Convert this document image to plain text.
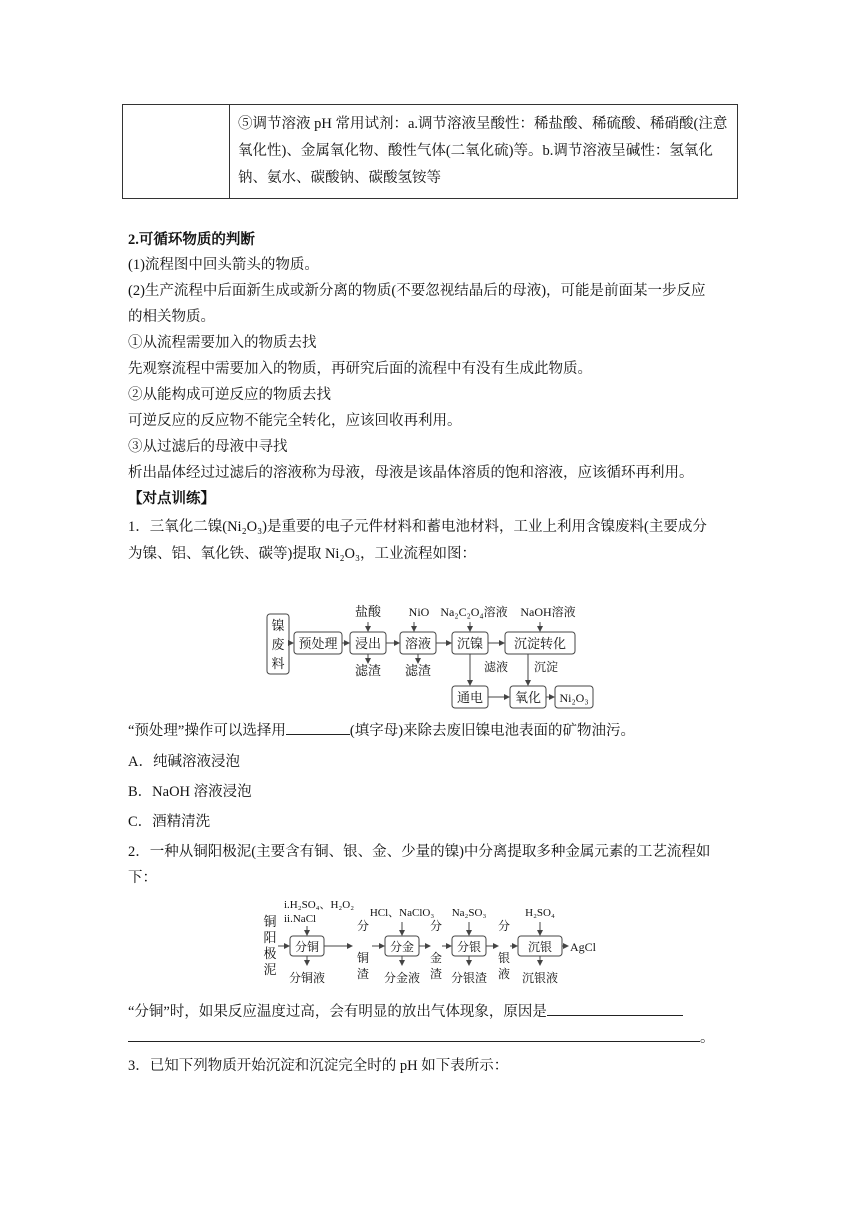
	⑤调节溶液 pH 常用试剂：a.调节溶液呈酸性：稀盐酸、稀硫酸、稀硝酸(注意氧化性)、金属氧化物、酸性气体(二氧化硫)等。b.调节溶液呈碱性：氢氧化钠、氨水、碳酸钠、碳酸氢铵等
2.可循环物质的判断
(1)流程图中回头箭头的物质。
(2)生产流程中后面新生成或新分离的物质(不要忽视结晶后的母液)，可能是前面某一步反应
的相关物质。
①从流程需要加入的物质去找
先观察流程中需要加入的物质，再研究后面的流程中有没有生成此物质。
②从能构成可逆反应的物质去找
可逆反应的反应物不能完全转化，应该回收再利用。
③从过滤后的母液中寻找
析出晶体经过过滤后的溶液称为母液，母液是该晶体溶质的饱和溶液，应该循环再利用。
【对点训练】
1．三氧化二镍(Ni₂O₃)是重要的电子元件材料和蓄电池材料，工业上利用含镍废料(主要成分
为镍、铝、氧化铁、碳等)提取 Ni₂O₃，工业流程如图：
镍
废
料
预处理 浸出 溶液 沉镍 沉淀转化
盐酸 NiO Na₂C₂O₄溶液 NaOH溶液
滤渣 滤渣	滤液 沉淀
通电 氧化 Ni₂O₃
“预处理”操作可以选择用	(填字母)来除去废旧镍电池表面的矿物油污。
A．纯碱溶液浸泡
B．NaOH 溶液浸泡
C．酒精清洗
2．一种从铜阳极泥(主要含有铜、银、金、少量的镍)中分离提取多种金属元素的工艺流程如
下：
铜
阳
极
泥
i.H₂SO₄、H₂O₂
ii.NaCl	HCl、NaClO₃ Na₂SO₃	H₂SO₄
分铜	分金	分银	沉银
分
铜
渣
分
金
渣
分
银
液
分铜液	分金液	分银渣	沉银液
AgCl
“分铜”时，如果反应温度过高，会有明显的放出气体现象，原因是
。
3．已知下列物质开始沉淀和沉淀完全时的 pH 如下表所示：
